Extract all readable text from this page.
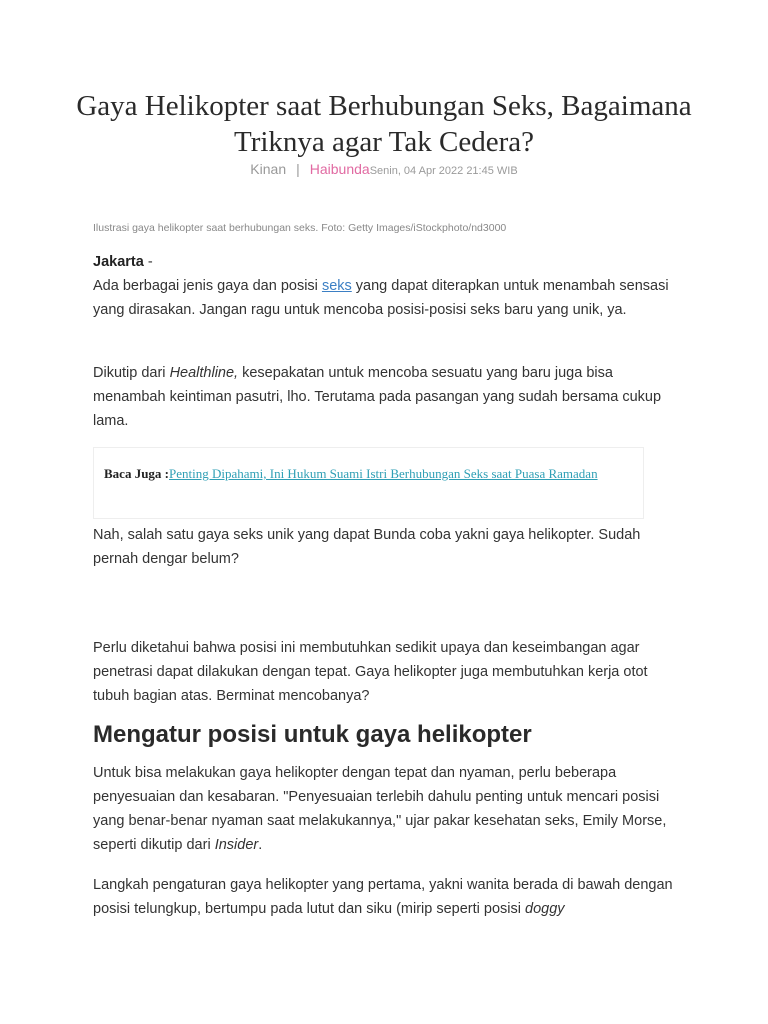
Gaya Helikopter saat Berhubungan Seks, Bagaimana Triknya agar Tak Cedera?
Kinan | HaibundaSenin, 04 Apr 2022 21:45 WIB
Ilustrasi gaya helikopter saat berhubungan seks. Foto: Getty Images/iStockphoto/nd3000

Jakarta -
Ada berbagai jenis gaya dan posisi seks yang dapat diterapkan untuk menambah sensasi yang dirasakan. Jangan ragu untuk mencoba posisi-posisi seks baru yang unik, ya.

Dikutip dari Healthline, kesepakatan untuk mencoba sesuatu yang baru juga bisa menambah keintiman pasutri, lho. Terutama pada pasangan yang sudah bersama cukup lama.

Baca Juga :Penting Dipahami, Ini Hukum Suami Istri Berhubungan Seks saat Puasa Ramadan

Nah, salah satu gaya seks unik yang dapat Bunda coba yakni gaya helikopter. Sudah pernah dengar belum?

Perlu diketahui bahwa posisi ini membutuhkan sedikit upaya dan keseimbangan agar penetrasi dapat dilakukan dengan tepat. Gaya helikopter juga membutuhkan kerja otot tubuh bagian atas. Berminat mencobanya?

Mengatur posisi untuk gaya helikopter

Untuk bisa melakukan gaya helikopter dengan tepat dan nyaman, perlu beberapa penyesuaian dan kesabaran. "Penyesuaian terlebih dahulu penting untuk mencari posisi yang benar-benar nyaman saat melakukannya," ujar pakar kesehatan seks, Emily Morse, seperti dikutip dari Insider.

Langkah pengaturan gaya helikopter yang pertama, yakni wanita berada di bawah dengan posisi telungkup, bertumpu pada lutut dan siku (mirip seperti posisi doggy
